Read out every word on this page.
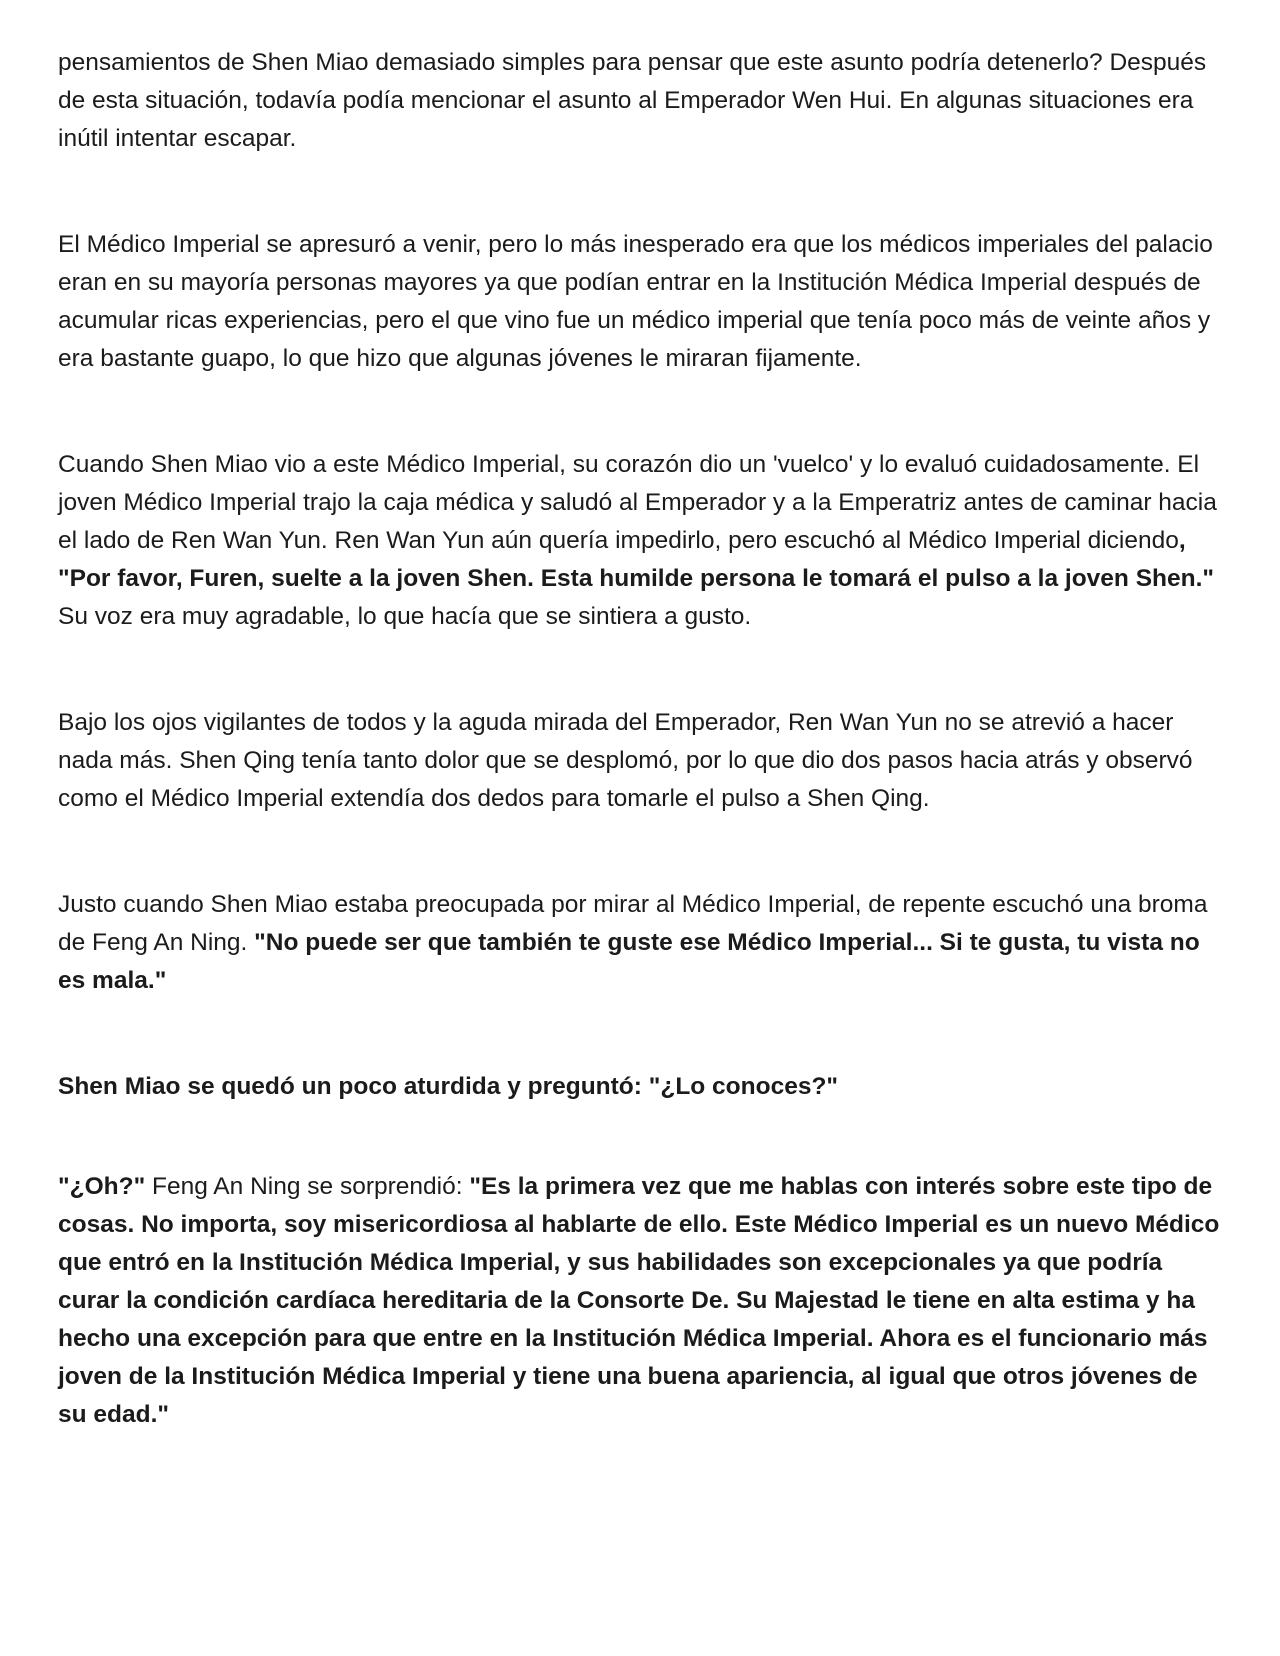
pensamientos de Shen Miao demasiado simples para pensar que este asunto podría detenerlo? Después de esta situación, todavía podía mencionar el asunto al Emperador Wen Hui. En algunas situaciones era inútil intentar escapar.

El Médico Imperial se apresuró a venir, pero lo más inesperado era que los médicos imperiales del palacio eran en su mayoría personas mayores ya que podían entrar en la Institución Médica Imperial después de acumular ricas experiencias, pero el que vino fue un médico imperial que tenía poco más de veinte años y era bastante guapo, lo que hizo que algunas jóvenes le miraran fijamente.

Cuando Shen Miao vio a este Médico Imperial, su corazón dio un 'vuelco' y lo evaluó cuidadosamente. El joven Médico Imperial trajo la caja médica y saludó al Emperador y a la Emperatriz antes de caminar hacia el lado de Ren Wan Yun. Ren Wan Yun aún quería impedirlo, pero escuchó al Médico Imperial diciendo, "Por favor, Furen, suelte a la joven Shen. Esta humilde persona le tomará el pulso a la joven Shen." Su voz era muy agradable, lo que hacía que se sintiera a gusto.

Bajo los ojos vigilantes de todos y la aguda mirada del Emperador, Ren Wan Yun no se atrevió a hacer nada más. Shen Qing tenía tanto dolor que se desplomó, por lo que dio dos pasos hacia atrás y observó como el Médico Imperial extendía dos dedos para tomarle el pulso a Shen Qing.

Justo cuando Shen Miao estaba preocupada por mirar al Médico Imperial, de repente escuchó una broma de Feng An Ning. "No puede ser que también te guste ese Médico Imperial... Si te gusta, tu vista no es mala."

Shen Miao se quedó un poco aturdida y preguntó: "¿Lo conoces?"

"¿Oh?" Feng An Ning se sorprendió: "Es la primera vez que me hablas con interés sobre este tipo de cosas. No importa, soy misericordiosa al hablarte de ello. Este Médico Imperial es un nuevo Médico que entró en la Institución Médica Imperial, y sus habilidades son excepcionales ya que podría curar la condición cardíaca hereditaria de la Consorte De. Su Majestad le tiene en alta estima y ha hecho una excepción para que entre en la Institución Médica Imperial. Ahora es el funcionario más joven de la Institución Médica Imperial y tiene una buena apariencia, al igual que otros jóvenes de su edad."
